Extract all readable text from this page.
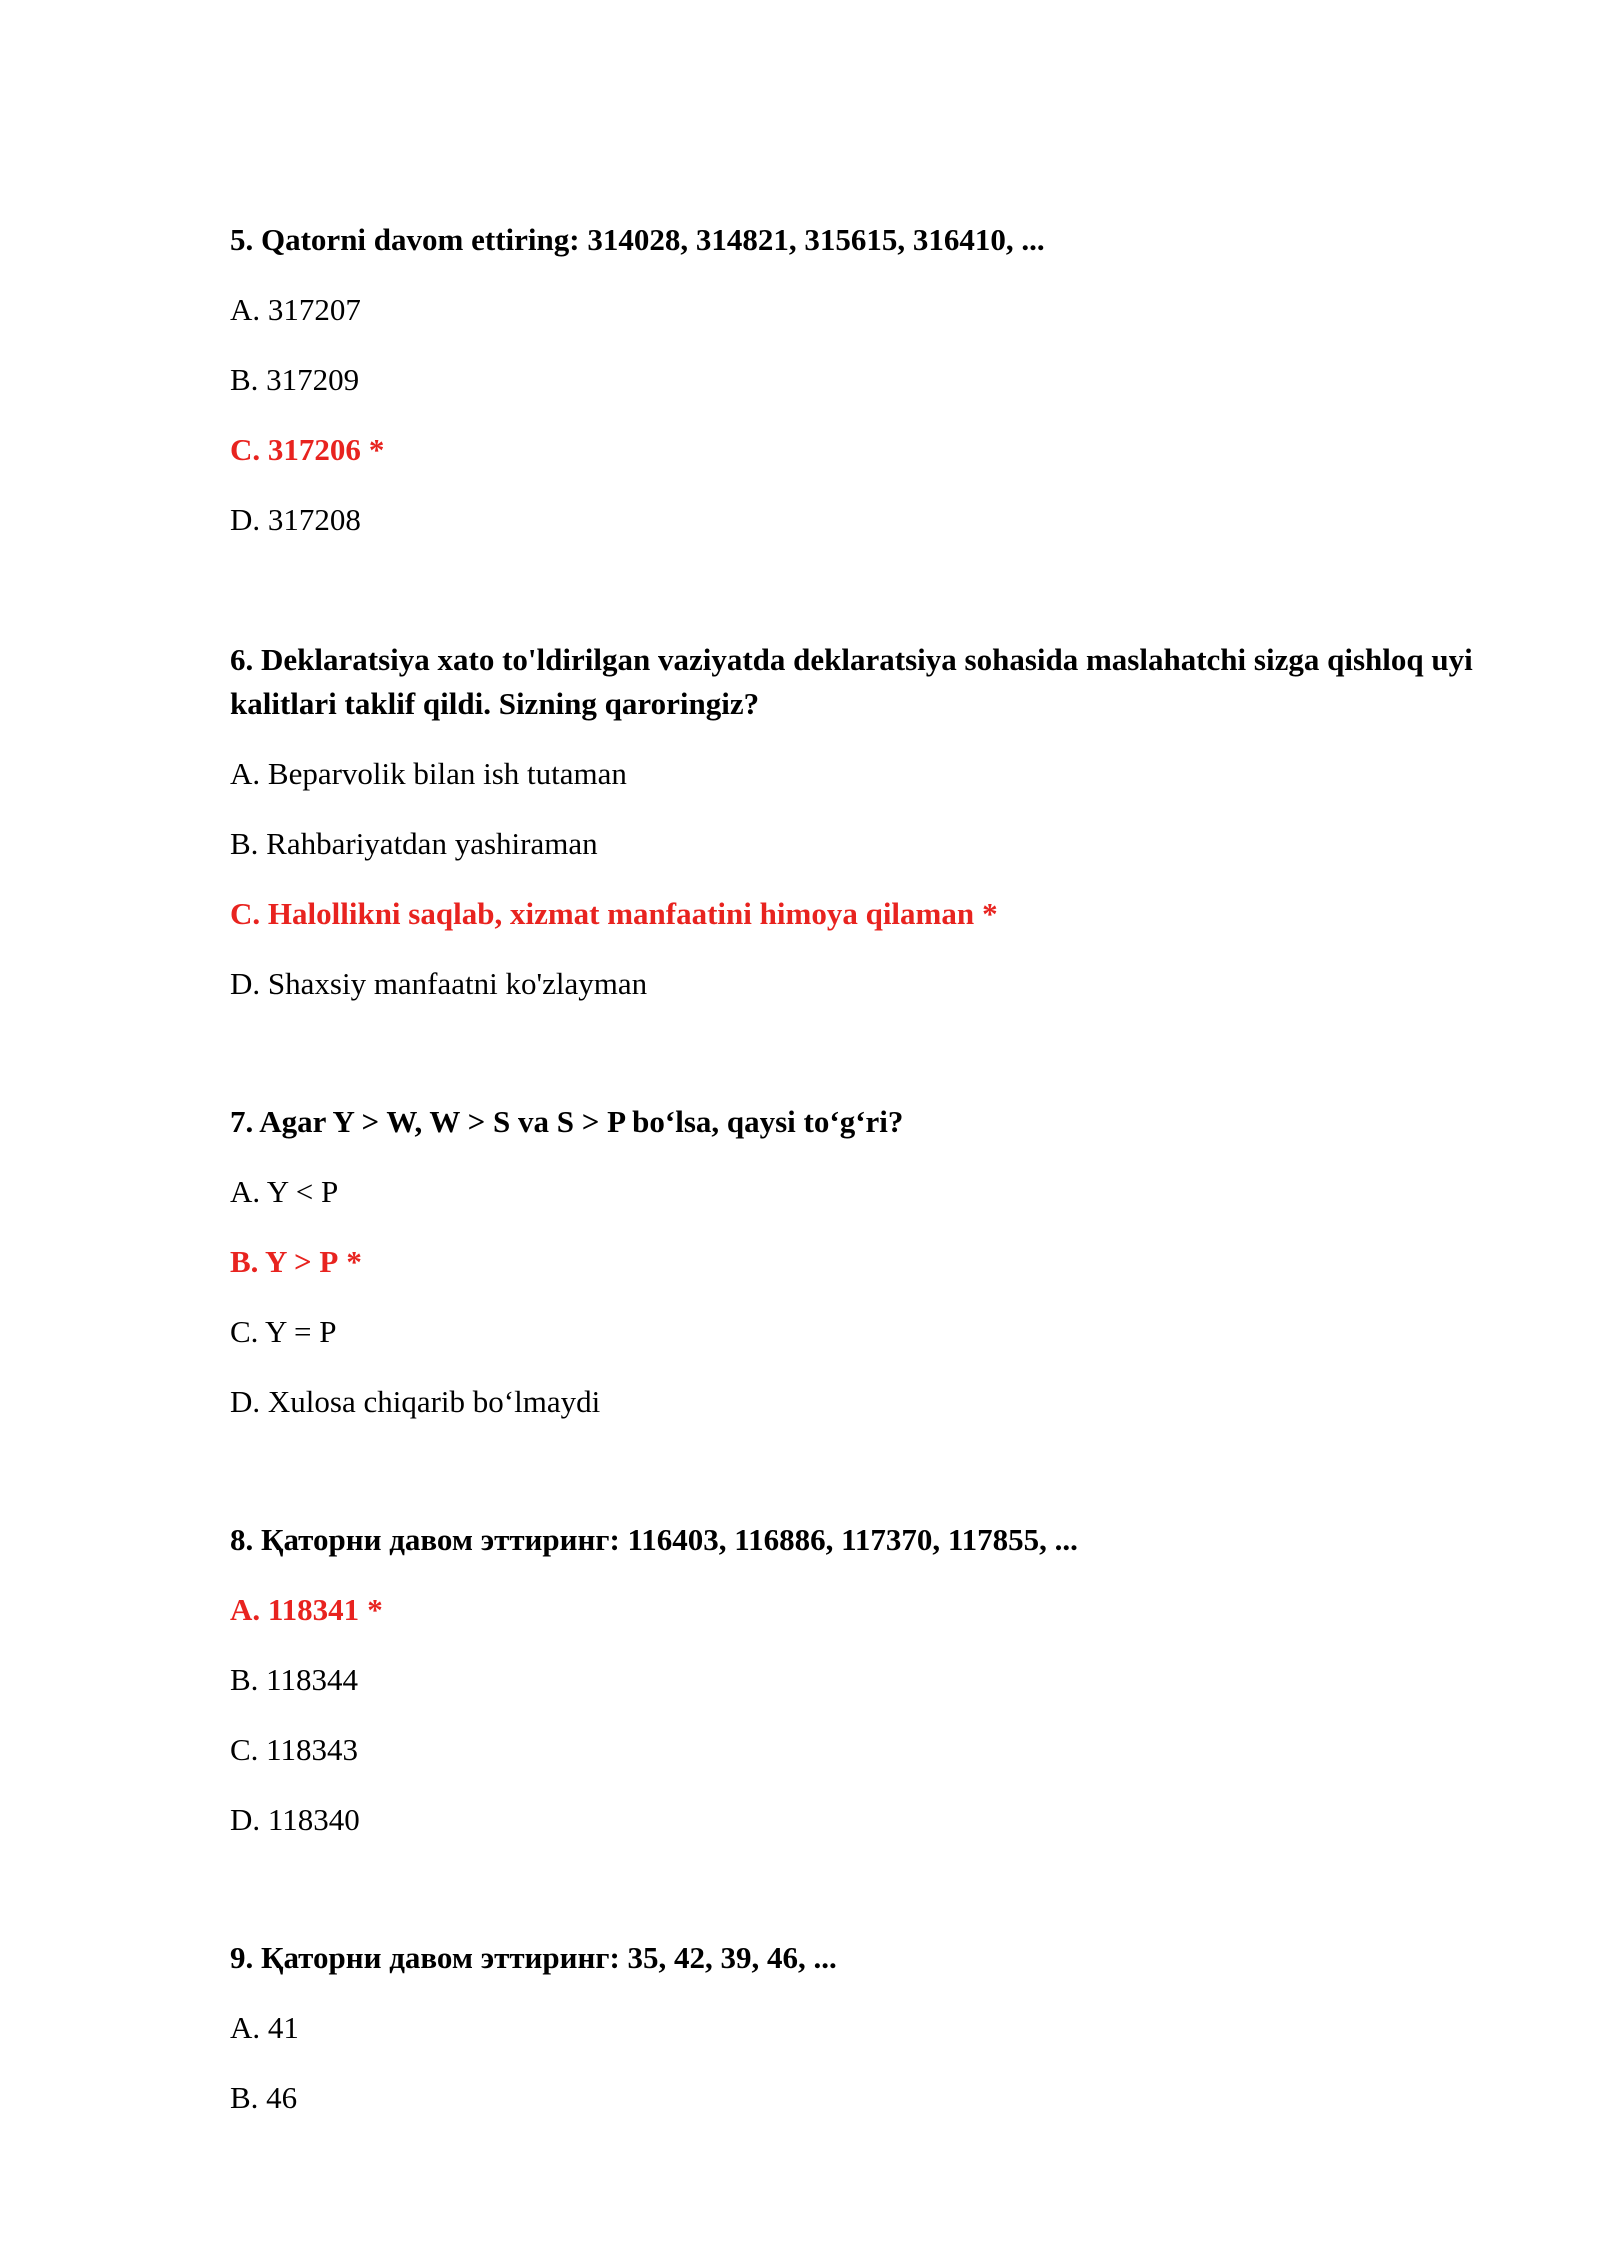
5. Qatorni davom ettiring: 314028, 314821, 315615, 316410, ...
A. 317207
B. 317209
C. 317206 *
D. 317208
6. Deklaratsiya xato to'ldirilgan vaziyatda deklaratsiya sohasida maslahatchi sizga qishloq uyi kalitlari taklif qildi. Sizning qaroringiz?
A. Beparvolik bilan ish tutaman
B. Rahbariyatdan yashiraman
C. Halollikni saqlab, xizmat manfaatini himoya qilaman *
D. Shaxsiy manfaatni ko'zlayman
7. Agar Y > W, W > S va S > P bo‘lsa, qaysi to‘g‘ri?
A. Y < P
B. Y > P *
C. Y = P
D. Xulosa chiqarib bo‘lmaydi
8. Қаторни давом эттиринг: 116403, 116886, 117370, 117855, ...
A. 118341 *
B. 118344
C. 118343
D. 118340
9. Қаторни давом эттиринг: 35, 42, 39, 46, ...
A. 41
B. 46
